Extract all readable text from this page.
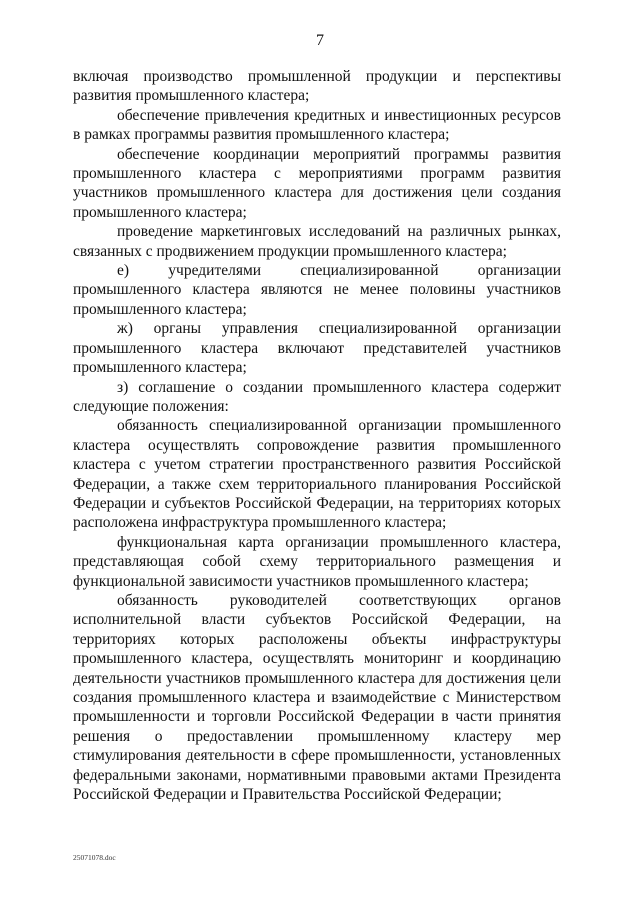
7

включая производство промышленной продукции и перспективы развития промышленного кластера;

обеспечение привлечения кредитных и инвестиционных ресурсов в рамках программы развития промышленного кластера;

обеспечение координации мероприятий программы развития промышленного кластера с мероприятиями программ развития участников промышленного кластера для достижения цели создания промышленного кластера;

проведение маркетинговых исследований на различных рынках, связанных с продвижением продукции промышленного кластера;

е) учредителями специализированной организации промышленного кластера являются не менее половины участников промышленного кластера;

ж) органы управления специализированной организации промышленного кластера включают представителей участников промышленного кластера;

з) соглашение о создании промышленного кластера содержит следующие положения:

обязанность специализированной организации промышленного кластера осуществлять сопровождение развития промышленного кластера с учетом стратегии пространственного развития Российской Федерации, а также схем территориального планирования Российской Федерации и субъектов Российской Федерации, на территориях которых расположена инфраструктура промышленного кластера;

функциональная карта организации промышленного кластера, представляющая собой схему территориального размещения и функциональной зависимости участников промышленного кластера;

обязанность руководителей соответствующих органов исполнительной власти субъектов Российской Федерации, на территориях которых расположены объекты инфраструктуры промышленного кластера, осуществлять мониторинг и координацию деятельности участников промышленного кластера для достижения цели создания промышленного кластера и взаимодействие с Министерством промышленности и торговли Российской Федерации в части принятия решения о предоставлении промышленному кластеру мер стимулирования деятельности в сфере промышленности, установленных федеральными законами, нормативными правовыми актами Президента Российской Федерации и Правительства Российской Федерации;

25071078.doc
